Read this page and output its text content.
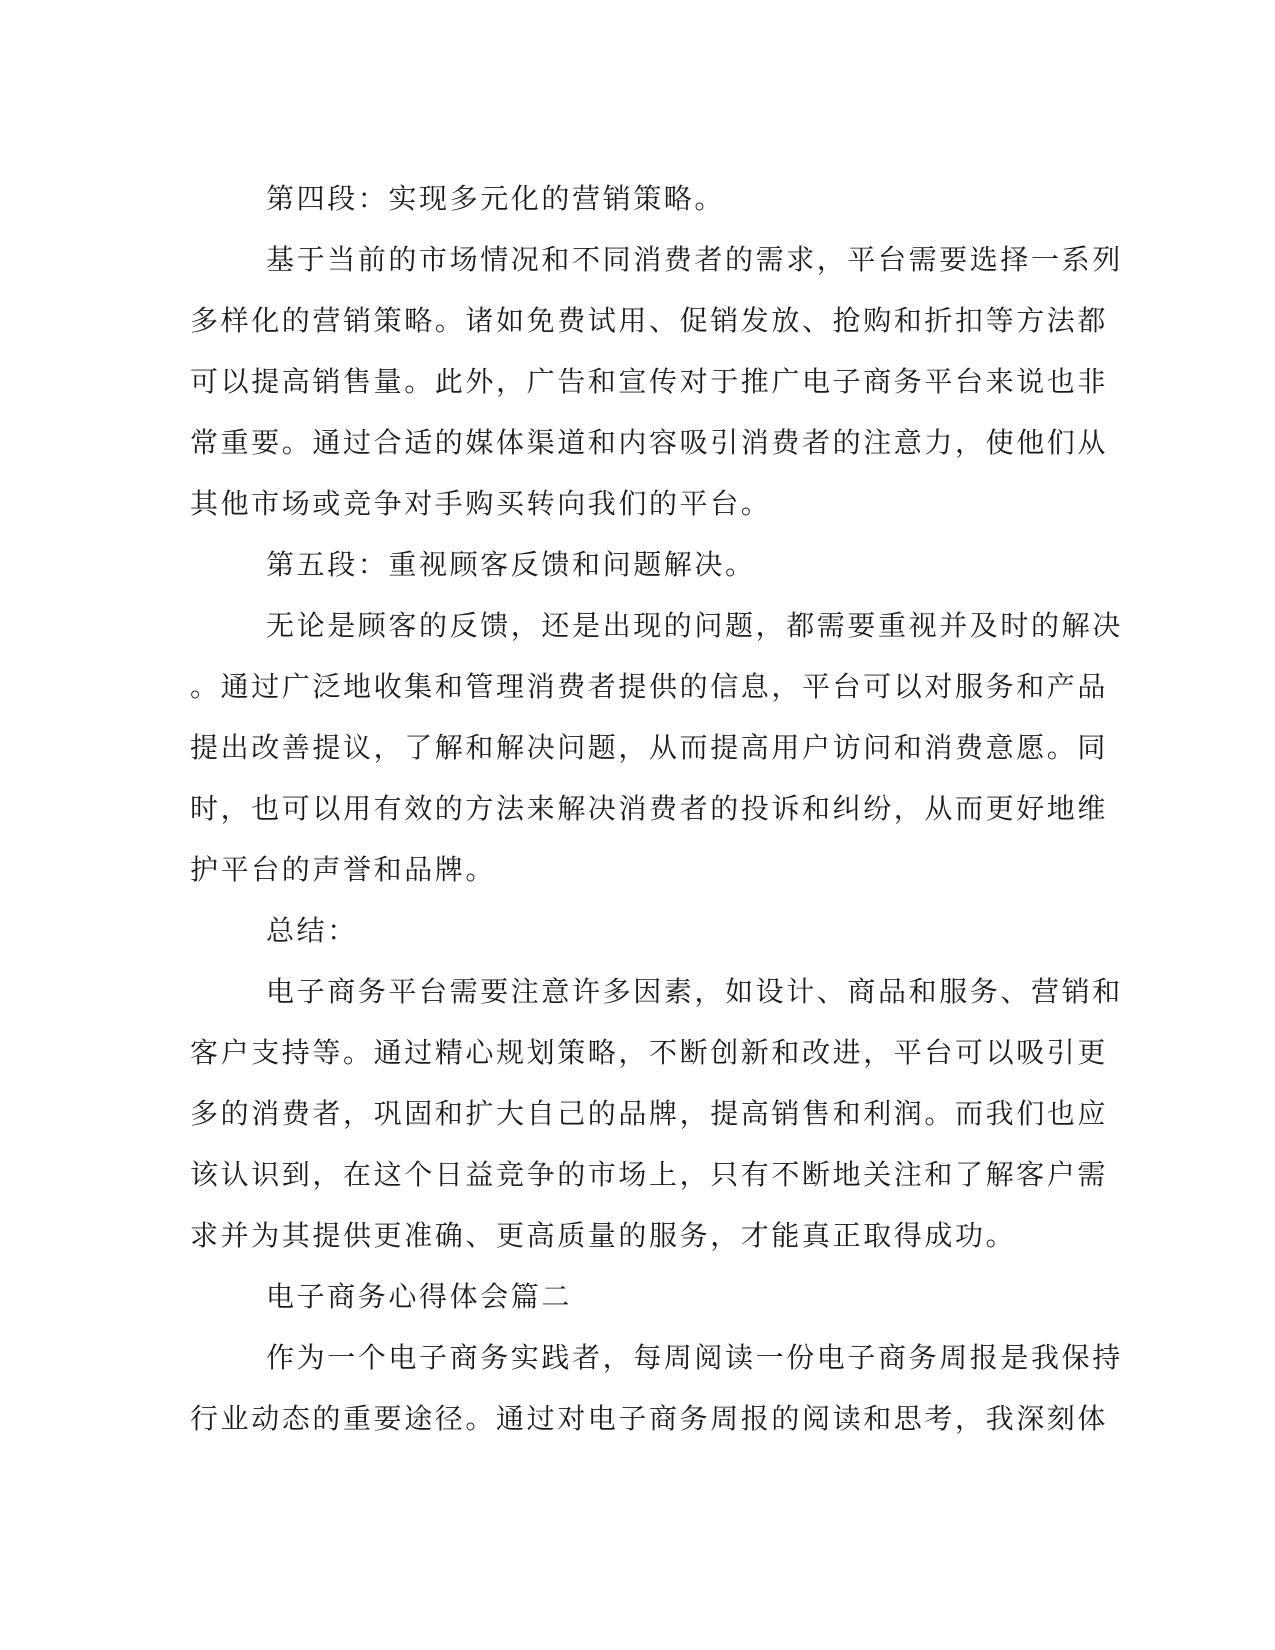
第四段：实现多元化的营销策略。
基于当前的市场情况和不同消费者的需求，平台需要选择一系列
多样化的营销策略。诸如免费试用、促销发放、抢购和折扣等方法都
可以提高销售量。此外，广告和宣传对于推广电子商务平台来说也非
常重要。通过合适的媒体渠道和内容吸引消费者的注意力，使他们从
其他市场或竞争对手购买转向我们的平台。
第五段：重视顾客反馈和问题解决。
无论是顾客的反馈，还是出现的问题，都需要重视并及时的解决
。通过广泛地收集和管理消费者提供的信息，平台可以对服务和产品
提出改善提议，了解和解决问题，从而提高用户访问和消费意愿。同
时，也可以用有效的方法来解决消费者的投诉和纠纷，从而更好地维
护平台的声誉和品牌。
总结：
电子商务平台需要注意许多因素，如设计、商品和服务、营销和
客户支持等。通过精心规划策略，不断创新和改进，平台可以吸引更
多的消费者，巩固和扩大自己的品牌，提高销售和利润。而我们也应
该认识到，在这个日益竞争的市场上，只有不断地关注和了解客户需
求并为其提供更准确、更高质量的服务，才能真正取得成功。
电子商务心得体会篇二
作为一个电子商务实践者，每周阅读一份电子商务周报是我保持
行业动态的重要途径。通过对电子商务周报的阅读和思考，我深刻体
